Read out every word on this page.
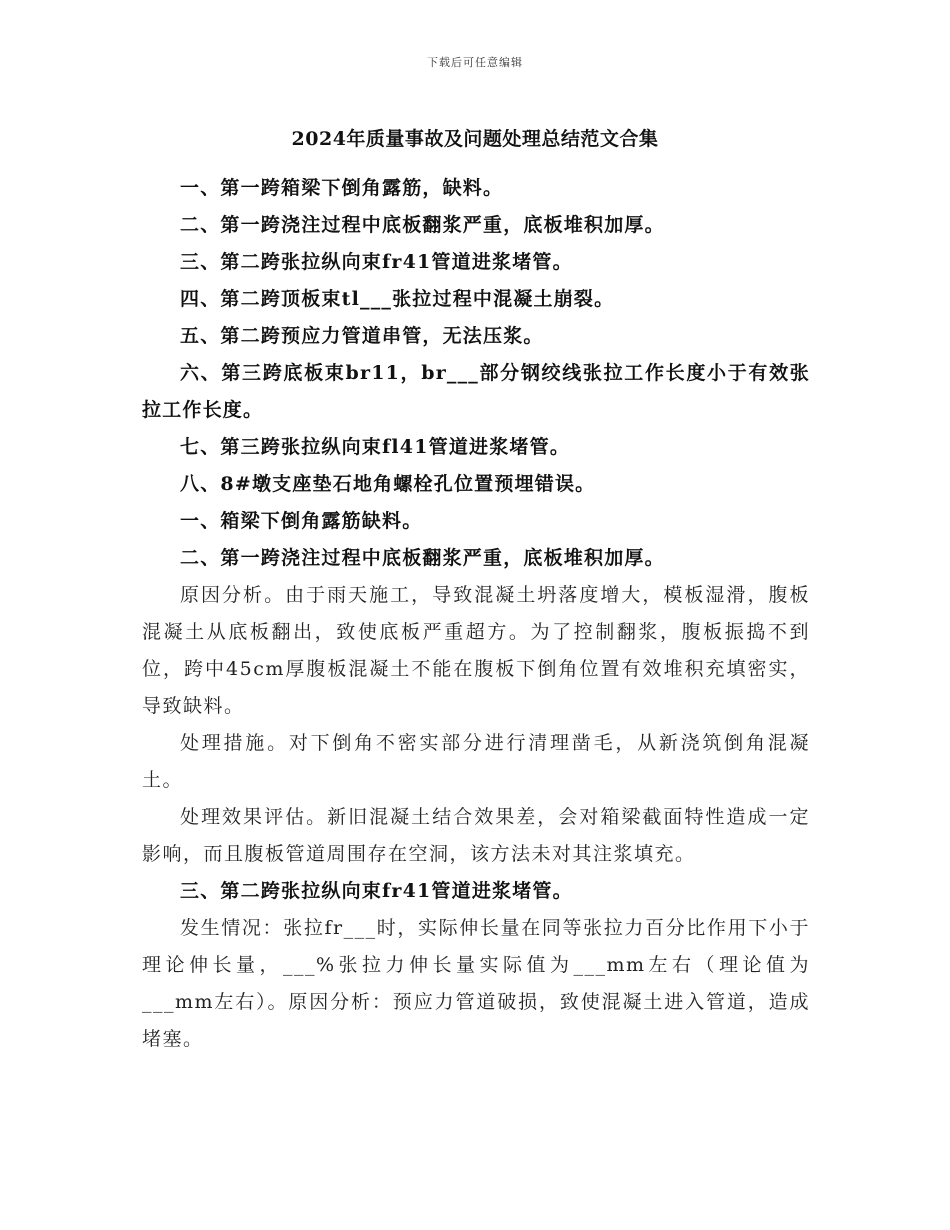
下载后可任意编辑
2024年质量事故及问题处理总结范文合集

一、第一跨箱梁下倒角露筋，缺料。

二、第一跨浇注过程中底板翻浆严重，底板堆积加厚。

三、第二跨张拉纵向束fr41管道进浆堵管。

四、第二跨顶板束tl___张拉过程中混凝土崩裂。

五、第二跨预应力管道串管，无法压浆。

六、第三跨底板束br11，br___部分钢绞线张拉工作长度小于有效张拉工作长度。

七、第三跨张拉纵向束fl41管道进浆堵管。

八、8#墩支座垫石地角螺栓孔位置预埋错误。

一、箱梁下倒角露筋缺料。

二、第一跨浇注过程中底板翻浆严重，底板堆积加厚。

原因分析。由于雨天施工，导致混凝土坍落度增大，模板湿滑，腹板混凝土从底板翻出，致使底板严重超方。为了控制翻浆，腹板振捣不到位，跨中45cm厚腹板混凝土不能在腹板下倒角位置有效堆积充填密实，导致缺料。

处理措施。对下倒角不密实部分进行清理凿毛，从新浇筑倒角混凝土。

处理效果评估。新旧混凝土结合效果差，会对箱梁截面特性造成一定影响，而且腹板管道周围存在空洞，该方法未对其注浆填充。

三、第二跨张拉纵向束fr41管道进浆堵管。

发生情况：张拉fr___时，实际伸长量在同等张拉力百分比作用下小于理论伸长量，___%张拉力伸长量实际值为___mm左右（理论值为___mm左右）。原因分析：预应力管道破损，致使混凝土进入管道，造成堵塞。
